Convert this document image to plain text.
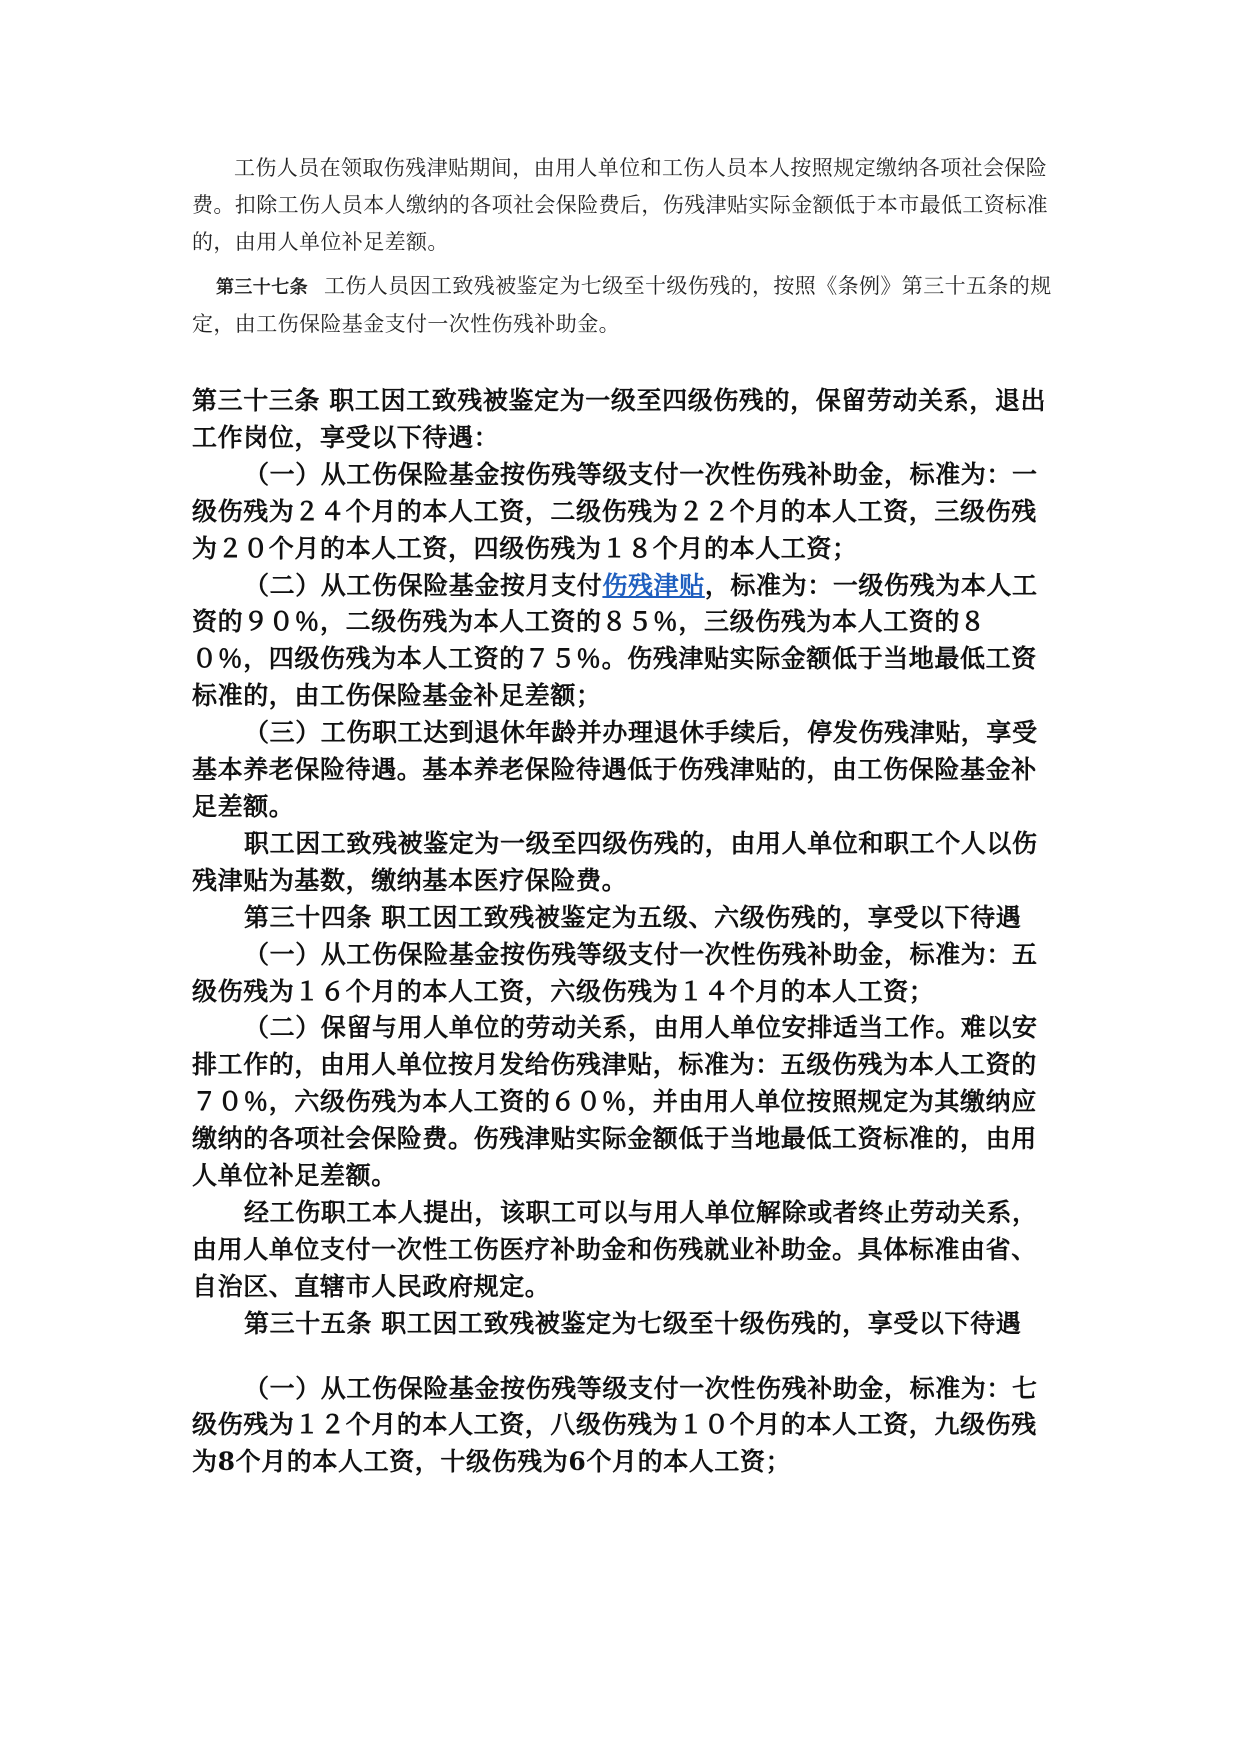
工伤人员在领取伤残津贴期间，由用人单位和工伤人员本人按照规定缴纳各项社会保险费。扣除工伤人员本人缴纳的各项社会保险费后，伤残津贴实际金额低于本市最低工资标准的，由用人单位补足差额。

第三十七条 工伤人员因工致残被鉴定为七级至十级伤残的，按照《条例》第三十五条的规定，由工伤保险基金支付一次性伤残补助金。

第三十三条 职工因工致残被鉴定为一级至四级伤残的，保留劳动关系，退出工作岗位，享受以下待遇：

（一）从工伤保险基金按伤残等级支付一次性伤残补助金，标准为：一级伤残为２４个月的本人工资，二级伤残为２２个月的本人工资，三级伤残为２０个月的本人工资，四级伤残为１８个月的本人工资；

（二）从工伤保险基金按月支付伤残津贴，标准为：一级伤残为本人工资的９０％，二级伤残为本人工资的８５％，三级伤残为本人工资的８０％，四级伤残为本人工资的７５％。伤残津贴实际金额低于当地最低工资标准的，由工伤保险基金补足差额；

（三）工伤职工达到退休年龄并办理退休手续后，停发伤残津贴，享受基本养老保险待遇。基本养老保险待遇低于伤残津贴的，由工伤保险基金补足差额。

职工因工致残被鉴定为一级至四级伤残的，由用人单位和职工个人以伤残津贴为基数，缴纳基本医疗保险费。

第三十四条 职工因工致残被鉴定为五级、六级伤残的，享受以下待遇

（一）从工伤保险基金按伤残等级支付一次性伤残补助金，标准为：五级伤残为１６个月的本人工资，六级伤残为１４个月的本人工资；

（二）保留与用人单位的劳动关系，由用人单位安排适当工作。难以安排工作的，由用人单位按月发给伤残津贴，标准为：五级伤残为本人工资的７０％，六级伤残为本人工资的６０％，并由用人单位按照规定为其缴纳应缴纳的各项社会保险费。伤残津贴实际金额低于当地最低工资标准的，由用人单位补足差额。

经工伤职工本人提出，该职工可以与用人单位解除或者终止劳动关系，由用人单位支付一次性工伤医疗补助金和伤残就业补助金。具体标准由省、自治区、直辖市人民政府规定。

第三十五条 职工因工致残被鉴定为七级至十级伤残的，享受以下待遇

（一）从工伤保险基金按伤残等级支付一次性伤残补助金，标准为：七级伤残为１２个月的本人工资，八级伤残为１０个月的本人工资，九级伤残为8个月的本人工资，十级伤残为6个月的本人工资；
